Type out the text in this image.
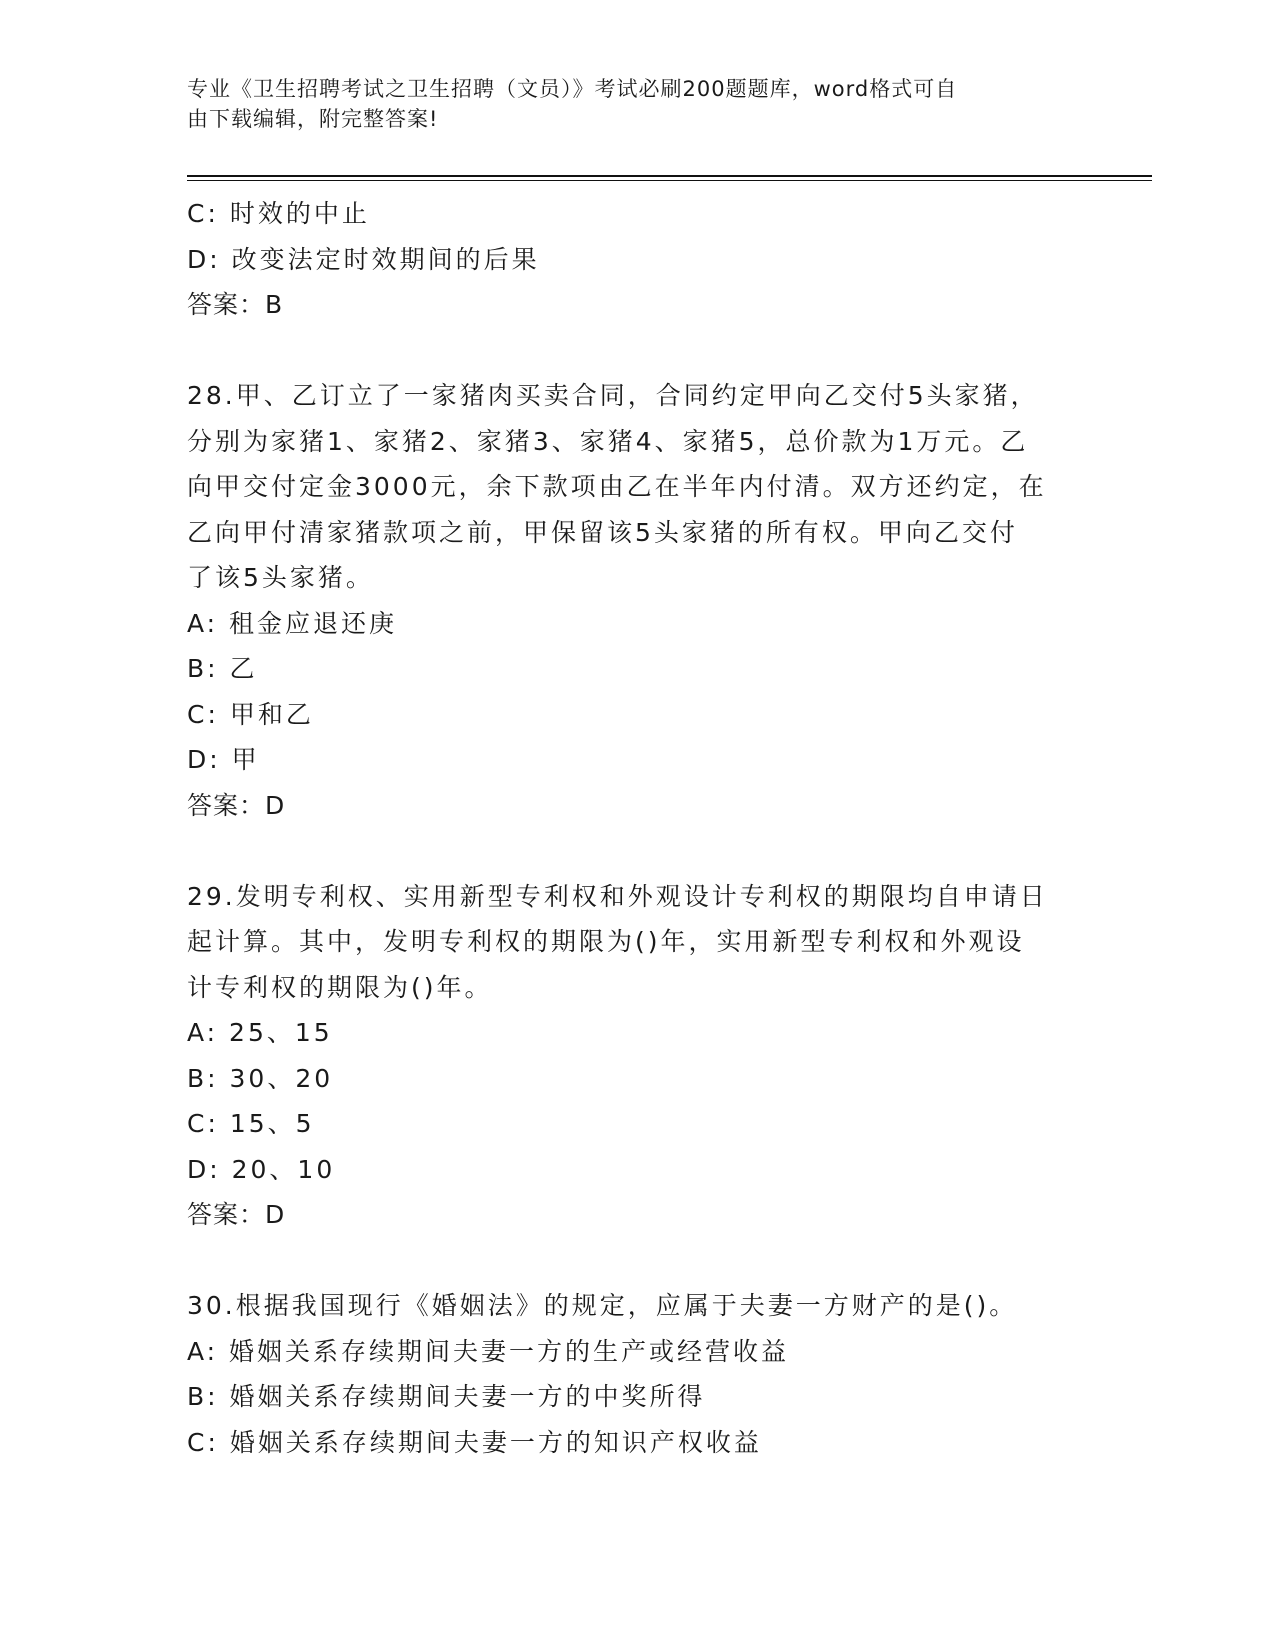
专业《卫生招聘考试之卫生招聘（文员）》考试必刷200题题库，word格式可自
由下载编辑，附完整答案!
C: 时效的中止
D: 改变法定时效期间的后果
答案：B
28.甲、乙订立了一家猪肉买卖合同，合同约定甲向乙交付5头家猪，
分别为家猪1、家猪2、家猪3、家猪4、家猪5，总价款为1万元。乙
向甲交付定金3000元，余下款项由乙在半年内付清。双方还约定，在
乙向甲付清家猪款项之前，甲保留该5头家猪的所有权。甲向乙交付
了该5头家猪。
A: 租金应退还庚
B: 乙
C: 甲和乙
D: 甲
答案：D
29.发明专利权、实用新型专利权和外观设计专利权的期限均自申请日
起计算。其中，发明专利权的期限为()年，实用新型专利权和外观设
计专利权的期限为()年。
A: 25、15
B: 30、20
C: 15、5
D: 20、10
答案：D
30.根据我国现行《婚姻法》的规定，应属于夫妻一方财产的是()。
A: 婚姻关系存续期间夫妻一方的生产或经营收益
B: 婚姻关系存续期间夫妻一方的中奖所得
C: 婚姻关系存续期间夫妻一方的知识产权收益
